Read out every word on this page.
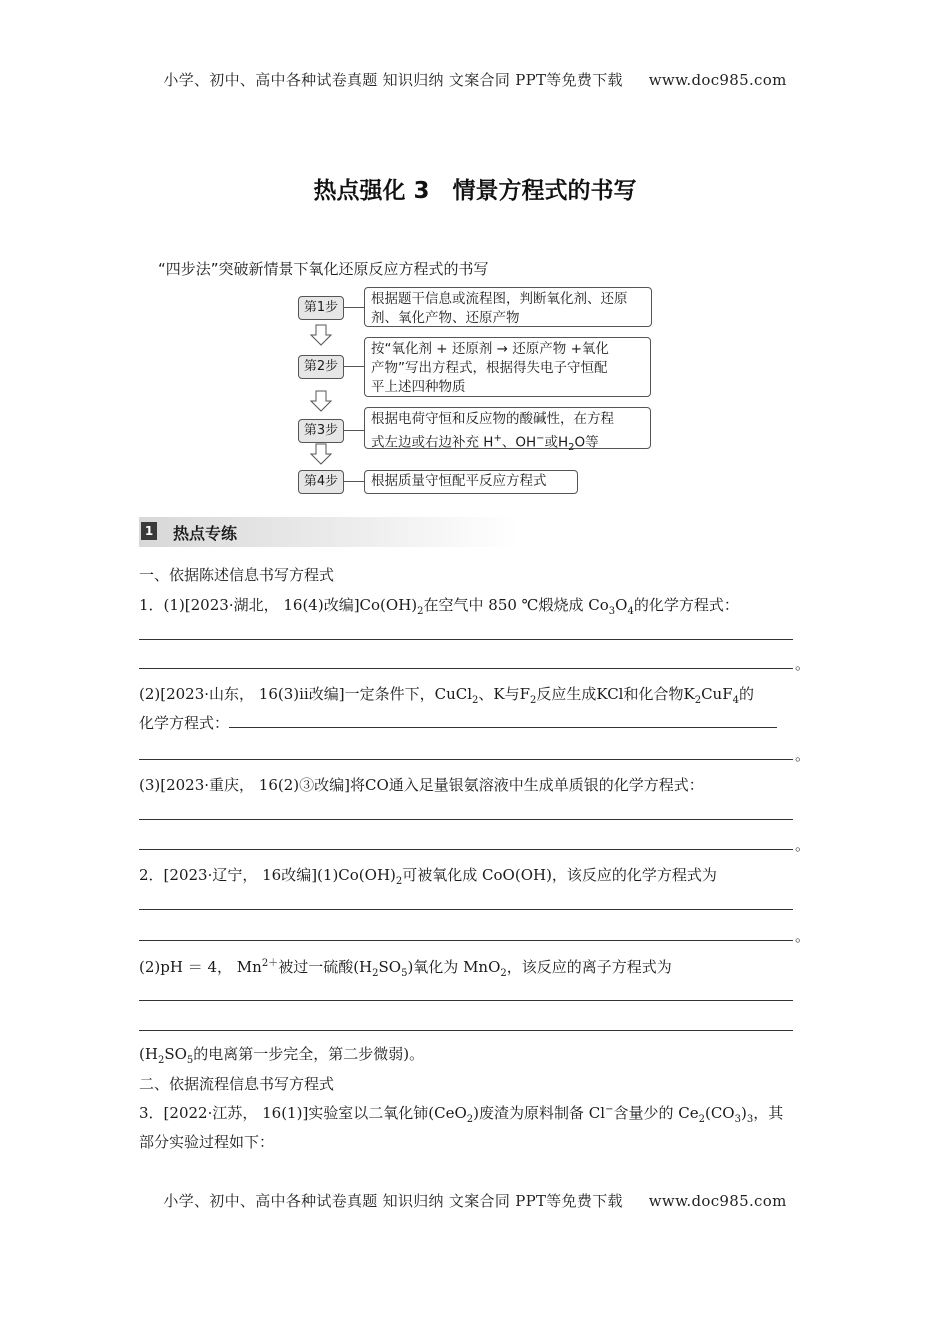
小学、初中、高中各种试卷真题 知识归纳 文案合同 PPT等免费下载 www.doc985.com
热点强化 3　情景方程式的书写
“四步法”突破新情景下氧化还原反应方程式的书写
第1步
根据题干信息或流程图，判断氧化剂、还原
剂、氧化产物、还原产物
第2步
按“氧化剂 + 还原剂 → 还原产物 +氧化
产物”写出方程式，根据得失电子守恒配
平上述四种物质
第3步
根据电荷守恒和反应物的酸碱性，在方程
式左边或右边补充 H+、OH−或$H_2O$等
第4步	根据质量守恒配平反应方程式
1 热点专练
一、依据陈述信息书写方程式
1．(1)[2023·湖北， 16(4)改编]$Co(OH)_2$在空气中 850 ℃煅烧成 $Co_3O_4$的化学方程式：
。
(2)[2023·山东， 16(3)ⅱ改编]一定条件下，CuCl$_2$、K与$F_2$反应生成KCl和化合物$K_2CuF_4$的
化学方程式：
。
(3)[2023·重庆， 16(2)③改编]将CO通入足量银氨溶液中生成单质银的化学方程式：
。
2．[2023·辽宁， 16改编]$(1)Co(OH)_2$可被氧化成 CoO(OH)，该反应的化学方程式为
。
(2)pH ＝ 4， $Mn^{2+}$被过一硫酸$(H_2SO_5)$氧化为 MnO$_2$，该反应的离子方程式为
($H_2SO_5$的电离第一步完全，第二步微弱)。
二、依据流程信息书写方程式
3．[2022·江苏， 16(1)]实验室以二氧化铈(CeO$_2$)废渣为原料制备 Cl−含量少的 $Ce_2(CO_3)_3$，其
部分实验过程如下：
小学、初中、高中各种试卷真题 知识归纳 文案合同 PPT等免费下载 www.doc985.com
